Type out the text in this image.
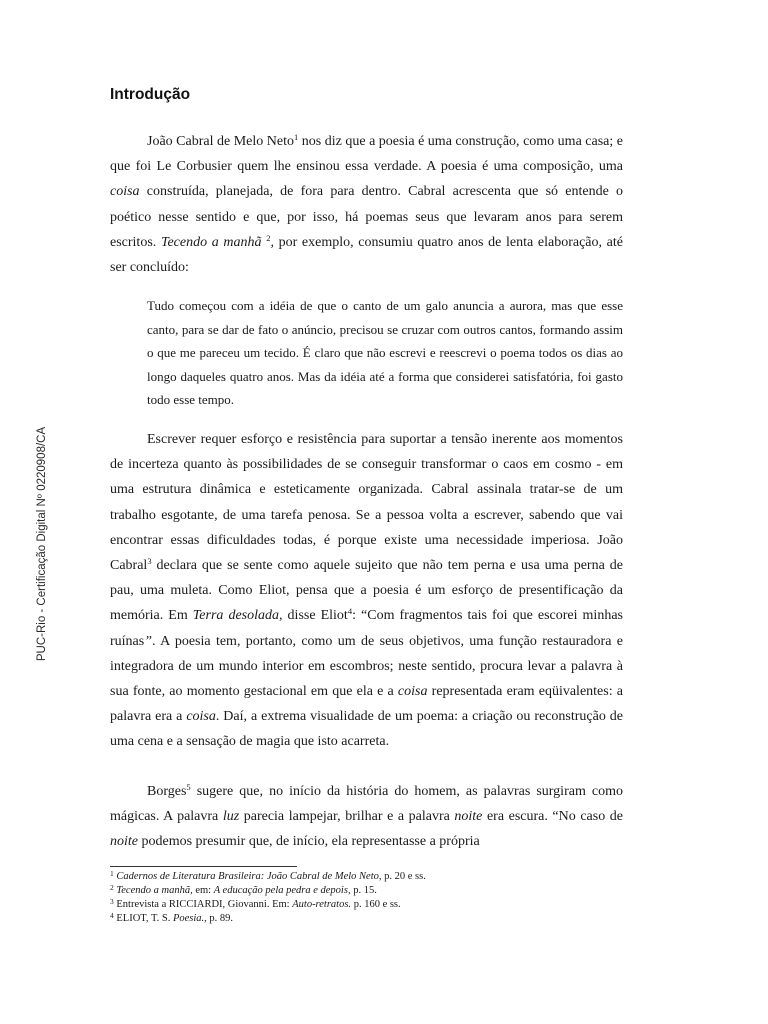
PUC-Rio - Certificação Digital Nº 0220908/CA
Introdução

João Cabral de Melo Neto$^1$ nos diz que a poesia é uma construção, como uma casa; e que foi Le Corbusier quem lhe ensinou essa verdade. A poesia é uma composição, uma coisa construída, planejada, de fora para dentro. Cabral acrescenta que só entende o poético nesse sentido e que, por isso, há poemas seus que levaram anos para serem escritos. Tecendo a manhã $^2$, por exemplo, consumiu quatro anos de lenta elaboração, até ser concluído:

Tudo começou com a idéia de que o canto de um galo anuncia a aurora, mas que esse canto, para se dar de fato o anúncio, precisou se cruzar com outros cantos, formando assim o que me pareceu um tecido. É claro que não escrevi e reescrevi o poema todos os dias ao longo daqueles quatro anos. Mas da idéia até a forma que considerei satisfatória, foi gasto todo esse tempo.

Escrever requer esforço e resistência para suportar a tensão inerente aos momentos de incerteza quanto às possibilidades de se conseguir transformar o caos em cosmo - em uma estrutura dinâmica e esteticamente organizada. Cabral assinala tratar-se de um trabalho esgotante, de uma tarefa penosa. Se a pessoa volta a escrever, sabendo que vai encontrar essas dificuldades todas, é porque existe uma necessidade imperiosa. João Cabral$^3$ declara que se sente como aquele sujeito que não tem perna e usa uma perna de pau, uma muleta. Como Eliot, pensa que a poesia é um esforço de presentificação da memória. Em Terra desolada, disse Eliot$^4$: “Com fragmentos tais foi que escorei minhas ruínas”. A poesia tem, portanto, como um de seus objetivos, uma função restauradora e integradora de um mundo interior em escombros; neste sentido, procura levar a palavra à sua fonte, ao momento gestacional em que ela e a coisa representada eram eqüivalentes: a palavra era a coisa. Daí, a extrema visualidade de um poema: a criação ou reconstrução de uma cena e a sensação de magia que isto acarreta.

Borges$^5$ sugere que, no início da história do homem, as palavras surgiram como mágicas. A palavra luz parecia lampejar, brilhar e a palavra noite era escura. “No caso de noite podemos presumir que, de início, ela representasse a própria

$^1$ Cadernos de Literatura Brasileira: João Cabral de Melo Neto, p. 20 e ss.

$^2$ Tecendo a manhã, em: A educação pela pedra e depois, p. 15.

$^3$ Entrevista a RICCIARDI, Giovanni. Em: Auto-retratos. p. 160 e ss.

$^4$ ELIOT, T. S. Poesia., p. 89.
